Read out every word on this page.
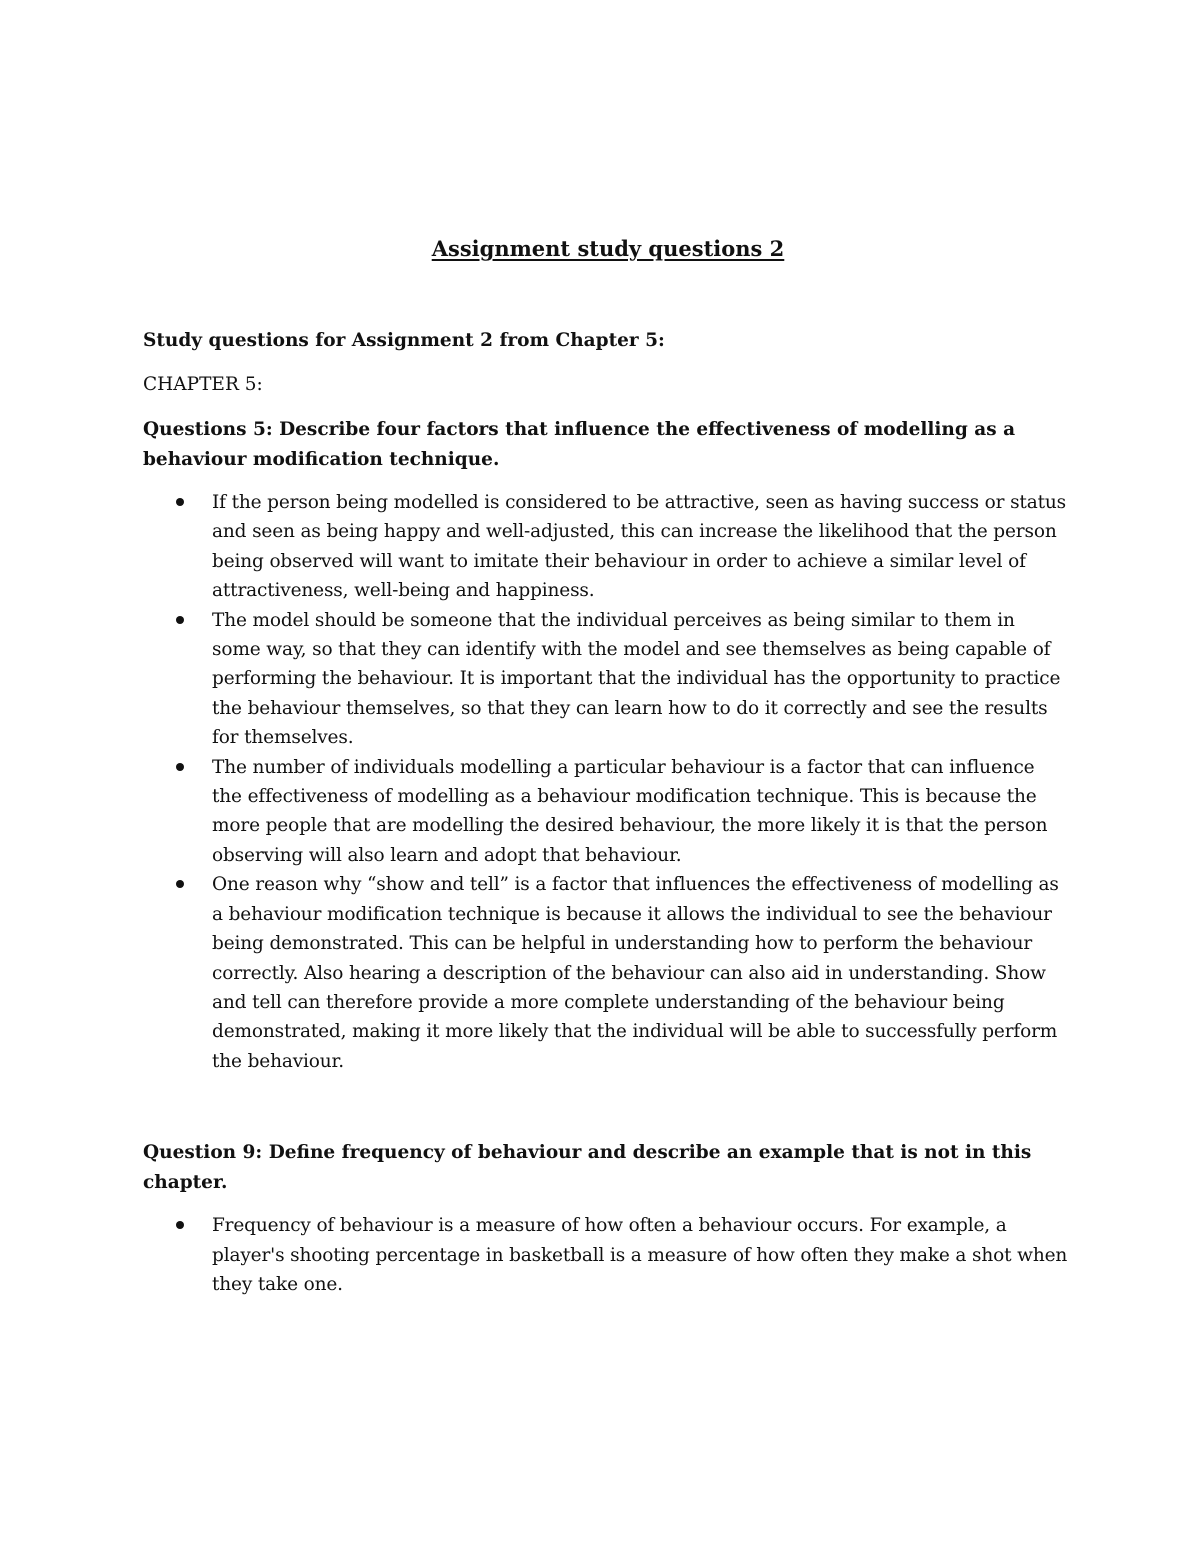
Assignment study questions 2

Study questions for Assignment 2 from Chapter 5:

CHAPTER 5:

Questions 5: Describe four factors that influence the effectiveness of modelling as a behaviour modification technique.

If the person being modelled is considered to be attractive, seen as having success or status and seen as being happy and well-adjusted, this can increase the likelihood that the person being observed will want to imitate their behaviour in order to achieve a similar level of attractiveness, well-being and happiness.
The model should be someone that the individual perceives as being similar to them in some way, so that they can identify with the model and see themselves as being capable of performing the behaviour. It is important that the individual has the opportunity to practice the behaviour themselves, so that they can learn how to do it correctly and see the results for themselves.
The number of individuals modelling a particular behaviour is a factor that can influence the effectiveness of modelling as a behaviour modification technique. This is because the more people that are modelling the desired behaviour, the more likely it is that the person observing will also learn and adopt that behaviour.
One reason why “show and tell” is a factor that influences the effectiveness of modelling as a behaviour modification technique is because it allows the individual to see the behaviour being demonstrated. This can be helpful in understanding how to perform the behaviour correctly. Also hearing a description of the behaviour can also aid in understanding. Show and tell can therefore provide a more complete understanding of the behaviour being demonstrated, making it more likely that the individual will be able to successfully perform the behaviour.

Question 9: Define frequency of behaviour and describe an example that is not in this chapter.

Frequency of behaviour is a measure of how often a behaviour occurs. For example, a player's shooting percentage in basketball is a measure of how often they make a shot when they take one.
